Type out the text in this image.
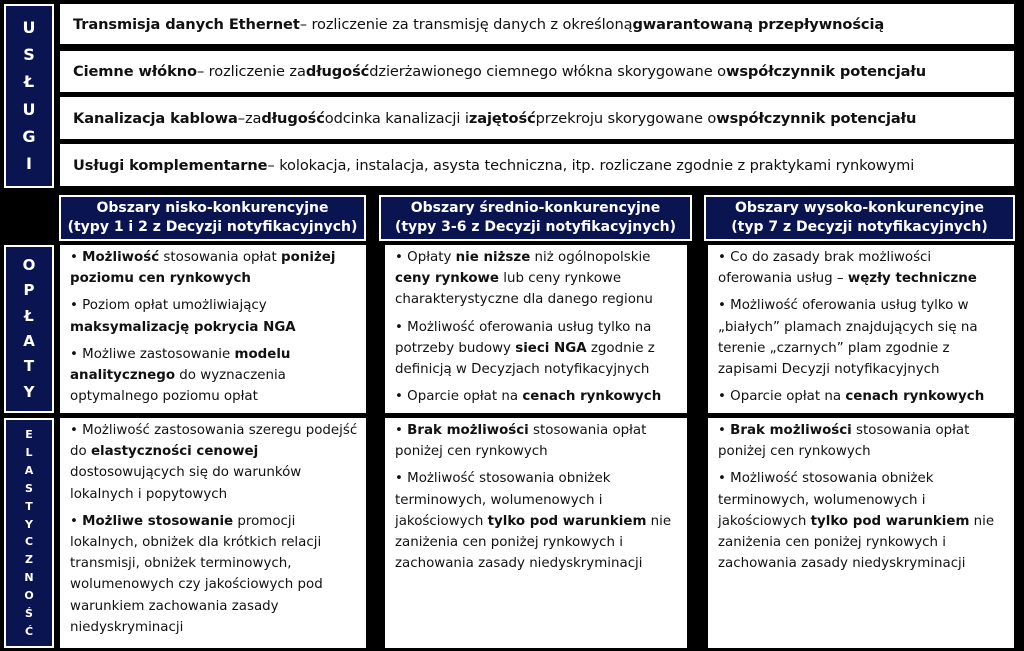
U
S
Ł
U
G
I
O
P
Ł
A
T
Y
E
L
A
S
T
Y
C
Z
N
O
Ś
Ć
Transmisja danych Ethernet – rozliczenie za transmisję danych z określoną gwarantowaną przepływnością
Ciemne włókno – rozliczenie za długość dzierżawionego ciemnego włókna skorygowane o współczynnik potencjału
Kanalizacja kablowa –za długość odcinka kanalizacji i zajętość przekroju skorygowane o współczynnik potencjału
Usługi komplementarne – kolokacja, instalacja, asysta techniczna, itp. rozliczane zgodnie z praktykami rynkowymi
Obszary nisko-konkurencyjne
(typy 1 i 2 z Decyzji notyfikacyjnych)
Obszary średnio-konkurencyjne
(typy 3-6 z Decyzji notyfikacyjnych)
Obszary wysoko-konkurencyjne
(typ 7 z Decyzji notyfikacyjnych)

• Możliwość stosowania opłat poniżej poziomu cen rynkowych

• Poziom opłat umożliwiający maksymalizację pokrycia NGA

• Możliwe zastosowanie modelu analitycznego do wyznaczenia optymalnego poziomu opłat

• Opłaty nie niższe niż ogólnopolskie ceny rynkowe lub ceny rynkowe charakterystyczne dla danego regionu

• Możliwość oferowania usług tylko na potrzeby budowy sieci NGA zgodnie z definicją w Decyzjach notyfikacyjnych

• Oparcie opłat na cenach rynkowych

• Co do zasady brak możliwości oferowania usług – węzły techniczne

• Możliwość oferowania usług tylko w „białych” plamach znajdujących się na terenie „czarnych” plam zgodnie z zapisami Decyzji notyfikacyjnych

• Oparcie opłat na cenach rynkowych

• Możliwość zastosowania szeregu podejść do elastyczności cenowej dostosowujących się do warunków lokalnych i popytowych

• Możliwe stosowanie promocji lokalnych, obniżek dla krótkich relacji transmisji, obniżek terminowych, wolumenowych czy jakościowych pod warunkiem zachowania zasady niedyskryminacji

• Brak możliwości stosowania opłat poniżej cen rynkowych

• Możliwość stosowania obniżek terminowych, wolumenowych i jakościowych tylko pod warunkiem nie zaniżenia cen poniżej rynkowych i zachowania zasady niedyskryminacji

• Brak możliwości stosowania opłat poniżej cen rynkowych

• Możliwość stosowania obniżek terminowych, wolumenowych i jakościowych tylko pod warunkiem nie zaniżenia cen poniżej rynkowych i zachowania zasady niedyskryminacji
